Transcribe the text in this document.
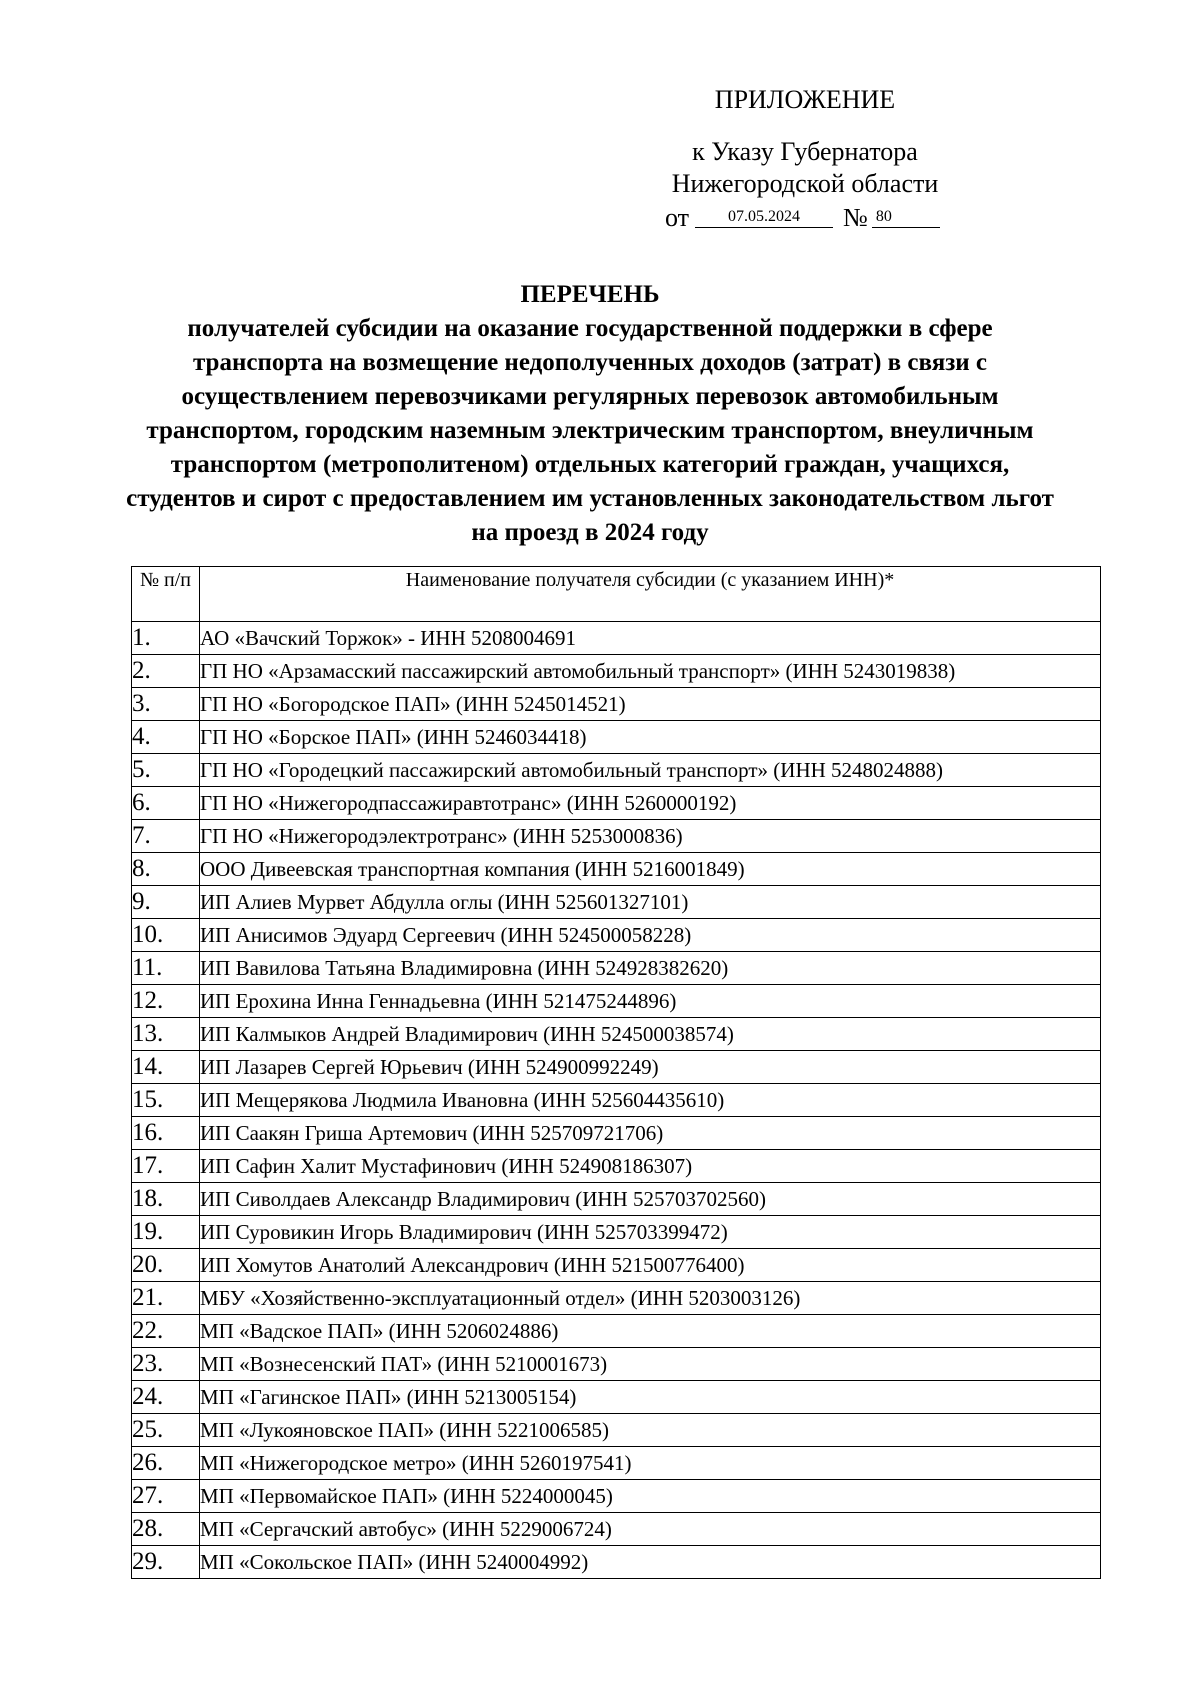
ПРИЛОЖЕНИЕ
к Указу Губернатора
Нижегородской области
от	07.05.2024	№ 80
ПЕРЕЧЕНЬ
получателей субсидии на оказание государственной поддержки в сфере транспорта на возмещение недополученных доходов (затрат) в связи с осуществлением перевозчиками регулярных перевозок автомобильным транспортом, городским наземным электрическим транспортом, внеуличным транспортом (метрополитеном) отдельных категорий граждан, учащихся, студентов и сирот с предоставлением им установленных законодательством льгот на проезд в 2024 году
№ п/п	Наименование получателя субсидии (с указанием ИНН)*
1.	АО «Вачский Торжок» - ИНН 5208004691
2.	ГП НО «Арзамасский пассажирский автомобильный транспорт» (ИНН 5243019838)
3.	ГП НО «Богородское ПАП» (ИНН 5245014521)
4.	ГП НО «Борское ПАП» (ИНН 5246034418)
5.	ГП НО «Городецкий пассажирский автомобильный транспорт» (ИНН 5248024888)
6.	ГП НО «Нижегородпассажиравтотранс» (ИНН 5260000192)
7.	ГП НО «Нижегородэлектротранс» (ИНН 5253000836)
8.	ООО Дивеевская транспортная компания (ИНН 5216001849)
9.	ИП Алиев Мурвет Абдулла оглы (ИНН 525601327101)
10.	ИП Анисимов Эдуард Сергеевич (ИНН 524500058228)
11.	ИП Вавилова Татьяна Владимировна (ИНН 524928382620)
12.	ИП Ерохина Инна Геннадьевна (ИНН 521475244896)
13.	ИП Калмыков Андрей Владимирович (ИНН 524500038574)
14.	ИП Лазарев Сергей Юрьевич (ИНН 524900992249)
15.	ИП Мещерякова Людмила Ивановна (ИНН 525604435610)
16.	ИП Саакян Гриша Артемович (ИНН 525709721706)
17.	ИП Сафин Халит Мустафинович (ИНН 524908186307)
18.	ИП Сиволдаев Александр Владимирович (ИНН 525703702560)
19.	ИП Суровикин Игорь Владимирович (ИНН 525703399472)
20.	ИП Хомутов Анатолий Александрович (ИНН 521500776400)
21.	МБУ «Хозяйственно-эксплуатационный отдел» (ИНН 5203003126)
22.	МП «Вадское ПАП» (ИНН 5206024886)
23.	МП «Вознесенский ПАТ» (ИНН 5210001673)
24.	МП «Гагинское ПАП» (ИНН 5213005154)
25.	МП «Лукояновское ПАП» (ИНН 5221006585)
26.	МП «Нижегородское метро» (ИНН 5260197541)
27.	МП «Первомайское ПАП» (ИНН 5224000045)
28.	МП «Сергачский автобус» (ИНН 5229006724)
29.	МП «Сокольское ПАП» (ИНН 5240004992)
